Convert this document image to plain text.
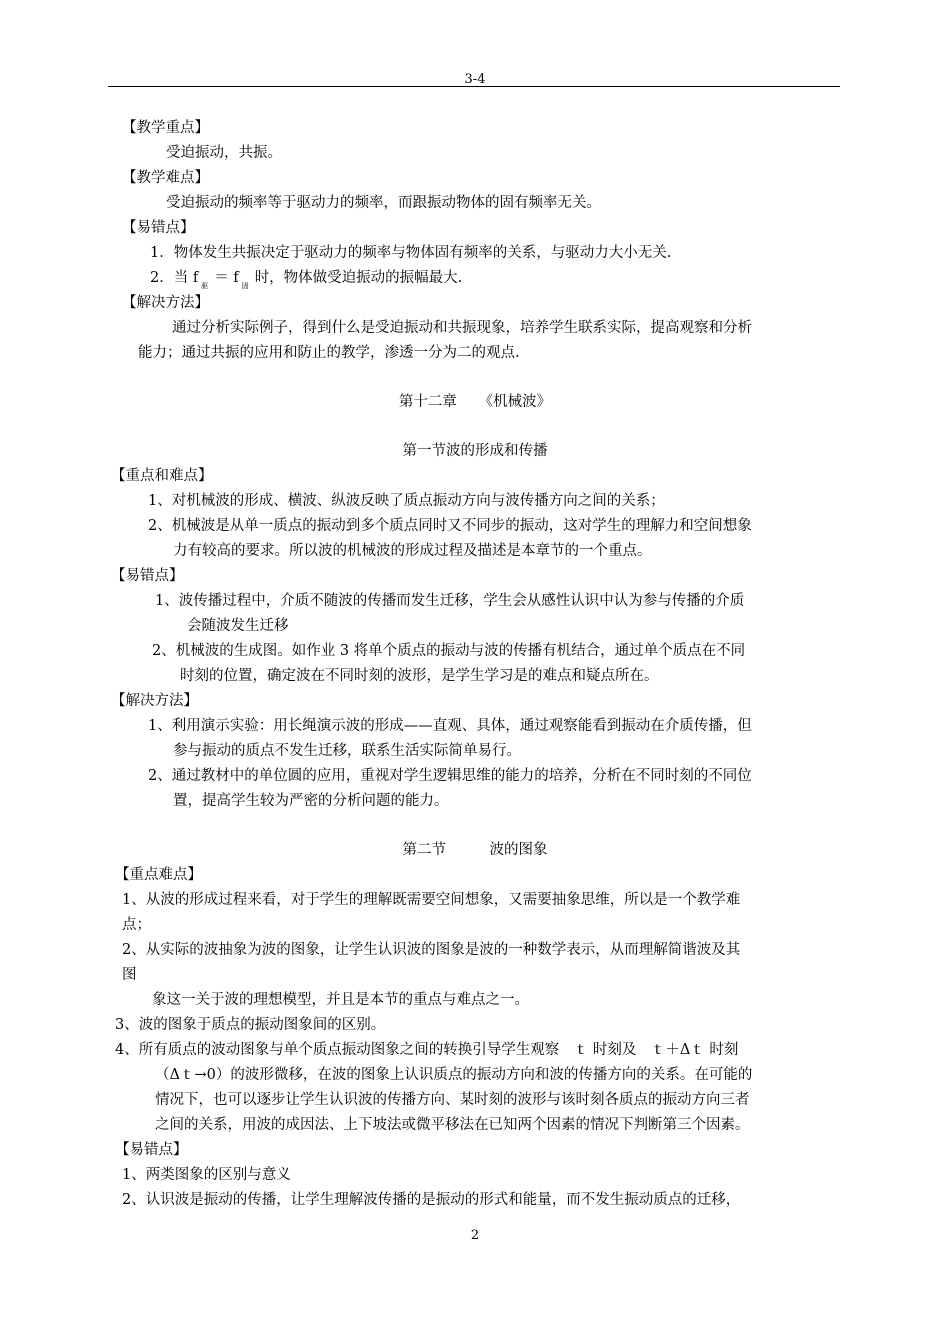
3-4
【教学重点】
受迫振动，共振。
【教学难点】
受迫振动的频率等于驱动力的频率，而跟振动物体的固有频率无关。
【易错点】
1．物体发生共振决定于驱动力的频率与物体固有频率的关系，与驱动力大小无关.
2．当 f $_驱$ ＝ f $_固$ 时，物体做受迫振动的振幅最大.
【解决方法】
通过分析实际例子，得到什么是受迫振动和共振现象，培养学生联系实际，提高观察和分析
能力；通过共振的应用和防止的教学，渗透一分为二的观点.
第十二章　　《机械波》
第一节波的形成和传播
【重点和难点】
1、对机械波的形成、横波、纵波反映了质点振动方向与波传播方向之间的关系；
2、机械波是从单一质点的振动到多个质点同时又不同步的振动，这对学生的理解力和空间想象
力有较高的要求。所以波的机械波的形成过程及描述是本章节的一个重点。
【易错点】
1、波传播过程中，介质不随波的传播而发生迁移，学生会从感性认识中认为参与传播的介质
会随波发生迁移
2、机械波的生成图。如作业 3 将单个质点的振动与波的传播有机结合，通过单个质点在不同
时刻的位置，确定波在不同时刻的波形，是学生学习是的难点和疑点所在。
【解决方法】
1、利用演示实验：用长绳演示波的形成——直观、具体，通过观察能看到振动在介质传播，但
参与振动的质点不发生迁移，联系生活实际简单易行。
2、通过教材中的单位圆的应用，重视对学生逻辑思维的能力的培养，分析在不同时刻的不同位
置，提高学生较为严密的分析问题的能力。
第二节　　　波的图象
【重点难点】
1、从波的形成过程来看，对于学生的理解既需要空间想象，又需要抽象思维，所以是一个教学难
点；
2、从实际的波抽象为波的图象，让学生认识波的图象是波的一种数学表示，从而理解简谐波及其
图
象这一关于波的理想模型，并且是本节的重点与难点之一。
3、波的图象于质点的振动图象间的区别。
4、所有质点的波动图象与单个质点振动图象之间的转换引导学生观察　ｔ 时刻及　ｔ＋Δｔ 时刻
（Δｔ→0）的波形微移，在波的图象上认识质点的振动方向和波的传播方向的关系。在可能的
情况下，也可以逐步让学生认识波的传播方向、某时刻的波形与该时刻各质点的振动方向三者
之间的关系，用波的成因法、上下坡法或微平移法在已知两个因素的情况下判断第三个因素。
【易错点】
1、两类图象的区别与意义
2、认识波是振动的传播，让学生理解波传播的是振动的形式和能量，而不发生振动质点的迁移，
2
